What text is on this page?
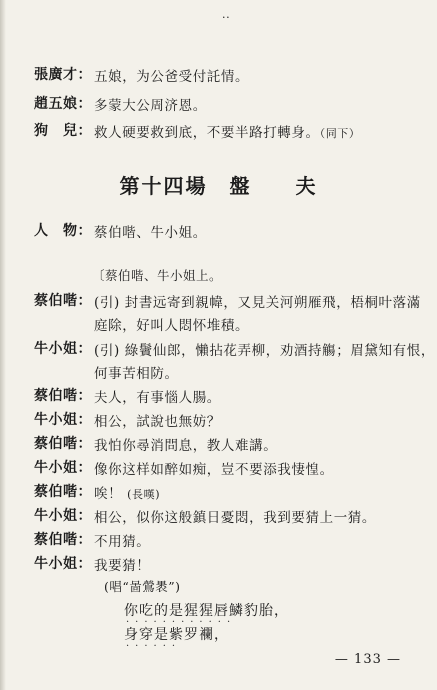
..
張廣才： 五娘，为公爸受付託情。
趙五娘： 多蒙大公周济恩。
狗　兒： 救人硬要救到底，不要半路打轉身。（同下）
第十四場　盤　　夫
人　物： 蔡伯喈、牛小姐。
〔蔡伯喈、牛小姐上。
蔡伯喈： (引) 封書远寄到親幃，又見关河朔雁飛，梧桐叶落滿
庭除，好叫人悶怀堆積。
牛小姐： (引) 綠鬢仙郎，懶拈花弄柳，劝酒持觴；眉黛知有恨，
何事苦相防。
蔡伯喈： 夫人，有事惱人腸。
牛小姐： 相公，試說也無妨？
蔡伯喈： 我怕你尋消問息，教人难講。
牛小姐： 像你这样如醉如痴，豈不要添我悽惶。
蔡伯喈： 唉！ (長嘆)
牛小姐： 相公，似你这般鎮日憂悶，我到要猜上一猜。
蔡伯喈： 不用猜。
牛小姐： 我要猜！
(唱“啚鶯褁”)
你吃的是猩猩唇鱗豹胎，
············
身穿是紫罗襴，
······
— 133 —
